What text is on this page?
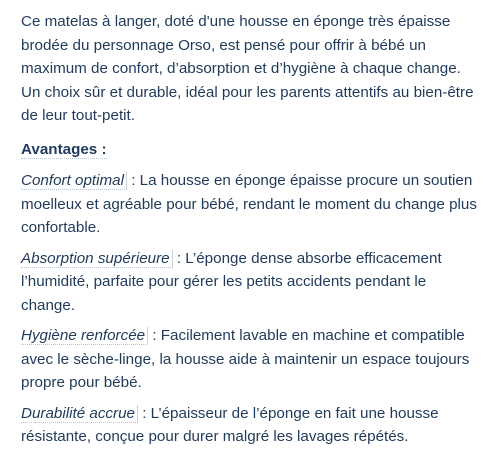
Ce matelas à langer, doté d'une housse en éponge très épaisse brodée du personnage Orso, est pensé pour offrir à bébé un maximum de confort, d’absorption et d’hygiène à chaque change. Un choix sûr et durable, idéal pour les parents attentifs au bien-être de leur tout-petit.

Avantages :

Confort optimal : La housse en éponge épaisse procure un soutien moelleux et agréable pour bébé, rendant le moment du change plus confortable.

Absorption supérieure : L’éponge dense absorbe efficacement l’humidité, parfaite pour gérer les petits accidents pendant le change.

Hygiène renforcée : Facilement lavable en machine et compatible avec le sèche-linge, la housse aide à maintenir un espace toujours propre pour bébé.

Durabilité accrue : L’épaisseur de l’éponge en fait une housse résistante, conçue pour durer malgré les lavages répétés.
